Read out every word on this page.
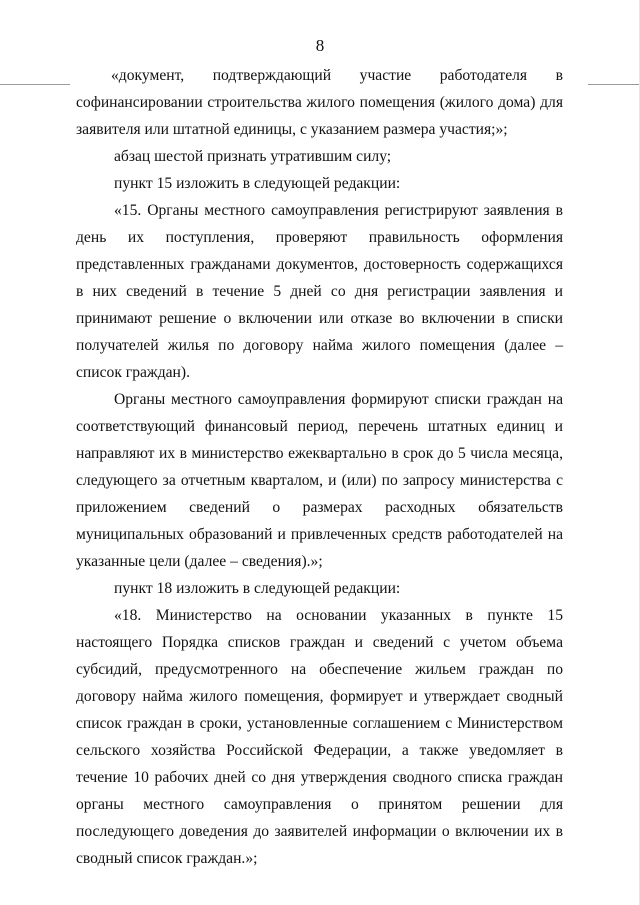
8

«документ, подтверждающий участие работодателя в софинансировании строительства жилого помещения (жилого дома) для заявителя или штатной единицы, с указанием размера участия;»;

абзац шестой признать утратившим силу;

пункт 15 изложить в следующей редакции:

«15. Органы местного самоуправления регистрируют заявления в день их поступления, проверяют правильность оформления представленных гражданами документов, достоверность содержащихся в них сведений в течение 5 дней со дня регистрации заявления и принимают решение о включении или отказе во включении в списки получателей жилья по договору найма жилого помещения (далее – список граждан).

Органы местного самоуправления формируют списки граждан на соответствующий финансовый период, перечень штатных единиц и направляют их в министерство ежеквартально в срок до 5 числа месяца, следующего за отчетным кварталом, и (или) по запросу министерства с приложением сведений о размерах расходных обязательств муниципальных образований и привлеченных средств работодателей на указанные цели (далее – сведения).»;

пункт 18 изложить в следующей редакции:

«18. Министерство на основании указанных в пункте 15 настоящего Порядка списков граждан и сведений с учетом объема субсидий, предусмотренного на обеспечение жильем граждан по договору найма жилого помещения, формирует и утверждает сводный список граждан в сроки, установленные соглашением с Министерством сельского хозяйства Российской Федерации, а также уведомляет в течение 10 рабочих дней со дня утверждения сводного списка граждан органы местного самоуправления о принятом решении для последующего доведения до заявителей информации о включении их в сводный список граждан.»;
